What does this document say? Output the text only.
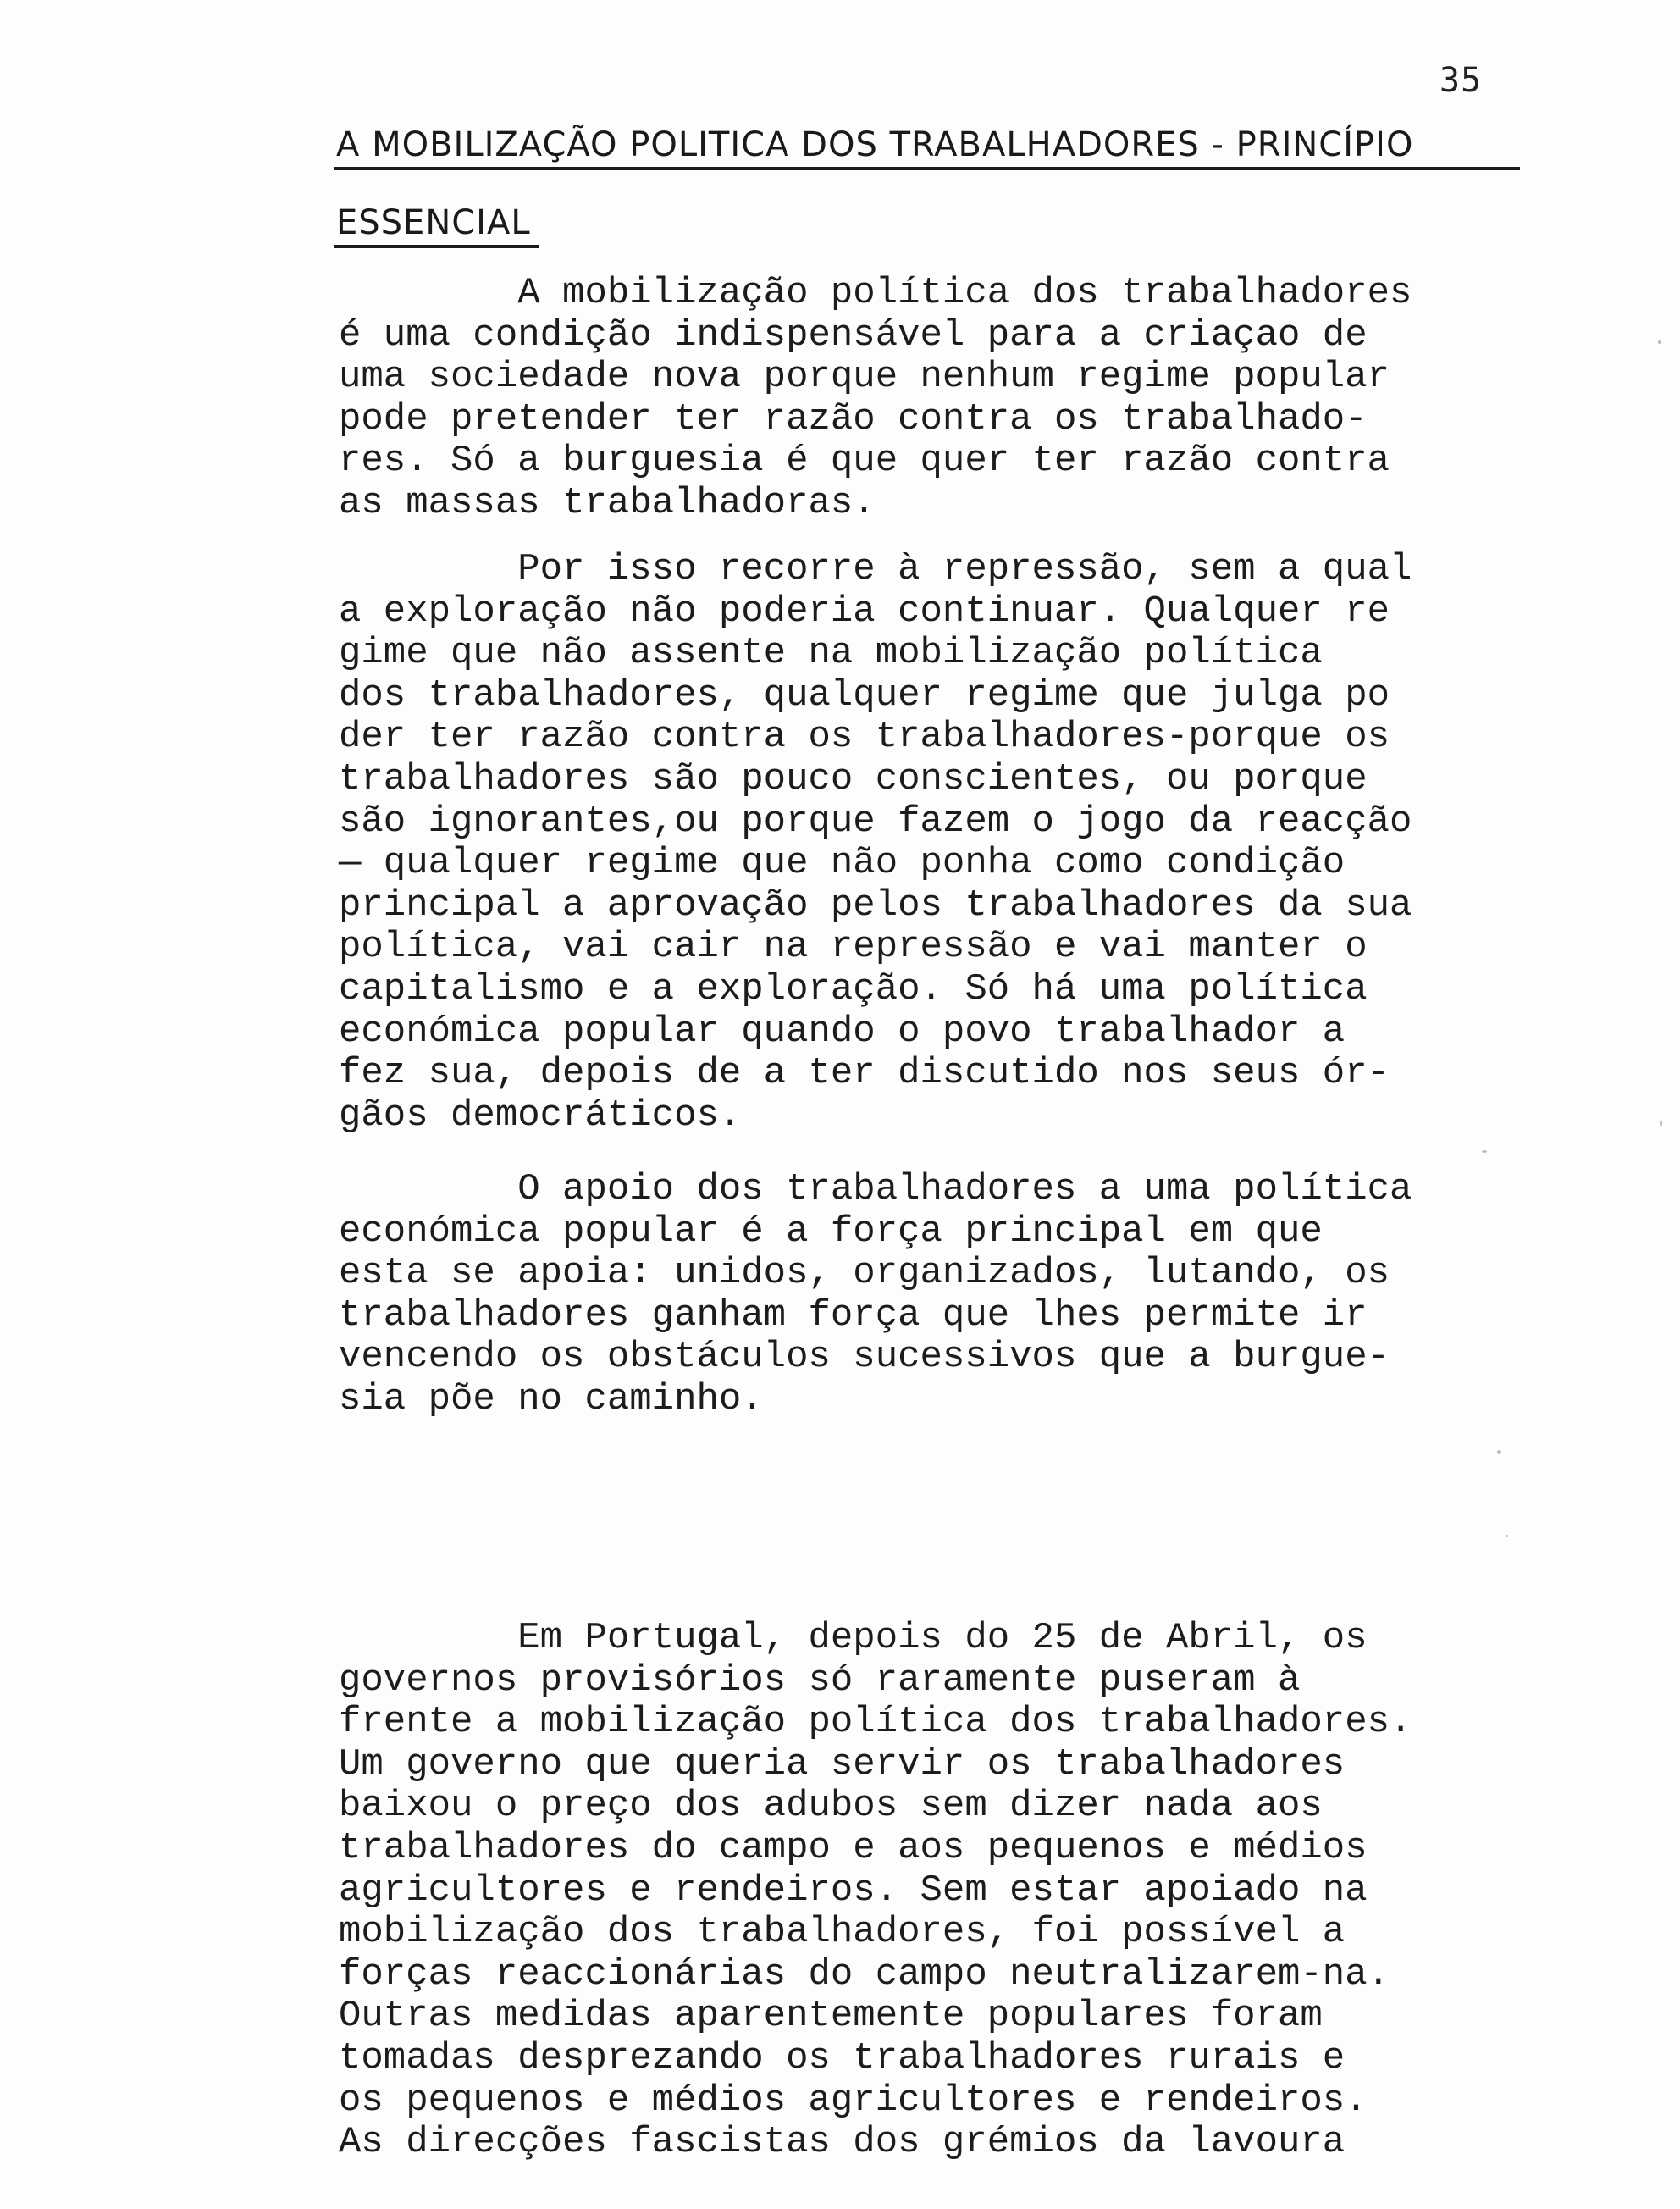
35
A MOBILIZAÇÃO POLITICA DOS TRABALHADORES - PRINCÍPIO
ESSENCIAL
A mobilização política dos trabalhadores
é uma condição indispensável para a criaçao de
uma sociedade nova porque nenhum regime popular
pode pretender ter razão contra os trabalhado-
res. Só a burguesia é que quer ter razão contra
as massas trabalhadoras.
Por isso recorre à repressão, sem a qual
a exploração não poderia continuar. Qualquer re
gime que não assente na mobilização política
dos trabalhadores, qualquer regime que julga po
der ter razão contra os trabalhadores-porque os
trabalhadores são pouco conscientes, ou porque
são ignorantes,ou porque fazem o jogo da reacção
— qualquer regime que não ponha como condição
principal a aprovação pelos trabalhadores da sua
política, vai cair na repressão e vai manter o
capitalismo e a exploração. Só há uma política
económica popular quando o povo trabalhador a
fez sua, depois de a ter discutido nos seus ór-
gãos democráticos.
O apoio dos trabalhadores a uma política
económica popular é a força principal em que
esta se apoia: unidos, organizados, lutando, os
trabalhadores ganham força que lhes permite ir
vencendo os obstáculos sucessivos que a burgue-
sia põe no caminho.
Em Portugal, depois do 25 de Abril, os
governos provisórios só raramente puseram à
frente a mobilização política dos trabalhadores.
Um governo que queria servir os trabalhadores
baixou o preço dos adubos sem dizer nada aos
trabalhadores do campo e aos pequenos e médios
agricultores e rendeiros. Sem estar apoiado na
mobilização dos trabalhadores, foi possível a
forças reaccionárias do campo neutralizarem-na.
Outras medidas aparentemente populares foram
tomadas desprezando os trabalhadores rurais e
os pequenos e médios agricultores e rendeiros.
As direcções fascistas dos grémios da lavoura
